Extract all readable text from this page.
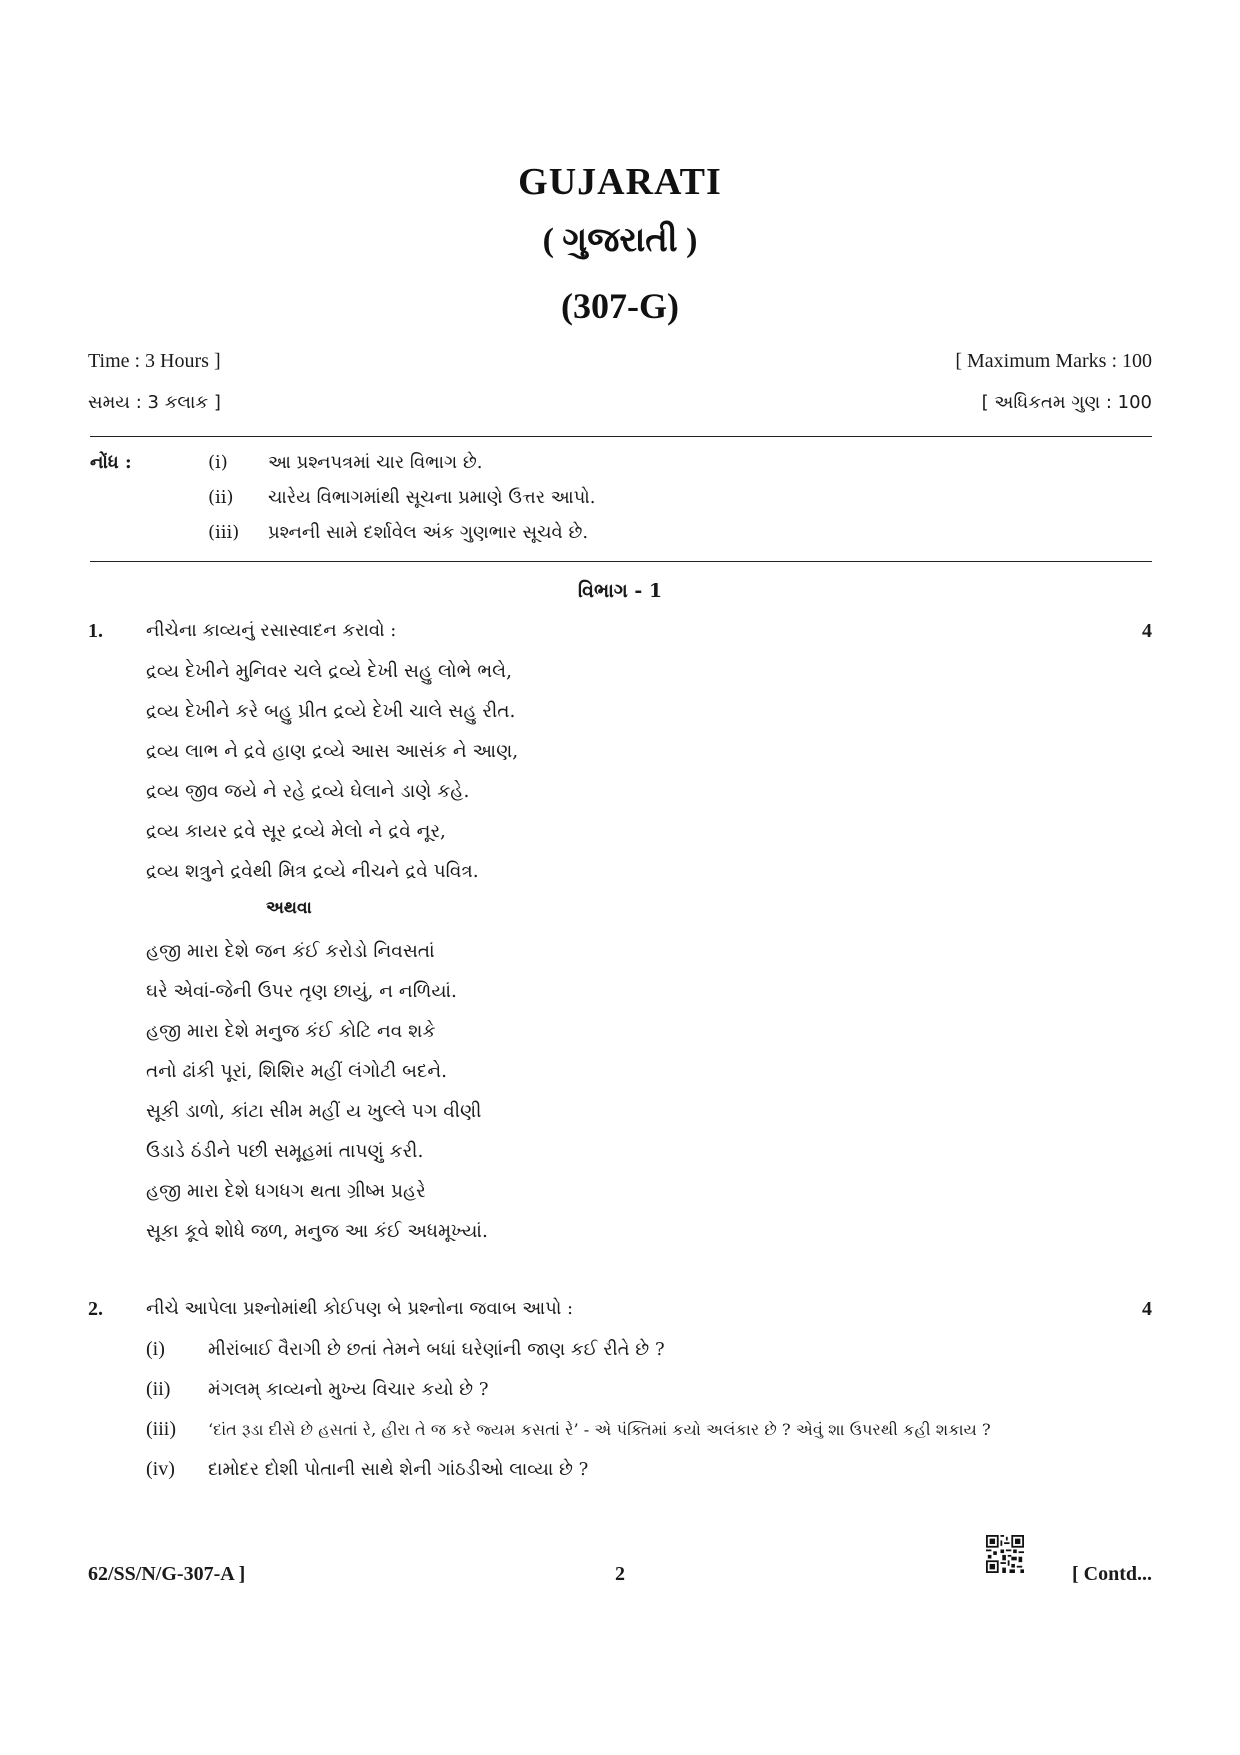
GUJARATI
( ગુજરાતી )
(307-G)
Time : 3 Hours ]	[ Maximum Marks : 100
સમય : 3 કલાક ]	[ અધિકતમ ગુણ : 100
નોંધ :	(i) આ પ્રશ્નપત્રમાં ચાર વિભાગ છે.
(ii) ચારેય વિભાગમાંથી સૂચના પ્રમાણે ઉત્તર આપો.
(iii) પ્રશ્નની સામે દર્શાવેલ અંક ગુણભાર સૂચવે છે.
વિભાગ - 1
1. નીચેના કાવ્યનું રસાસ્વાદન કરાવો :	4
દ્રવ્ય દેખીને મુનિવર ચલે દ્રવ્યે દેખી સહુ લોભે ભલે,
દ્રવ્ય દેખીને કરે બહુ પ્રીત દ્રવ્યે દેખી ચાલે સહુ રીત.
દ્રવ્ય લાભ ને દ્રવે હાણ દ્રવ્યે આસ આસંક ને આણ,
દ્રવ્ય જીવ જયે ને રહે દ્રવ્યે ઘેલાને ડાણે કહે.
દ્રવ્ય કાયર દ્રવે સૂર દ્રવ્યે મેલો ને દ્રવે નૂર,
દ્રવ્ય શત્રુને દ્રવેથી મિત્ર દ્રવ્યે નીચને દ્રવે પવિત્ર.
અથવા
હજી મારા દેશે જન કંઈ કરોડો નિવસતાં
ઘરે એવાં-જેની ઉપર તૃણ છાયું, ન નળિયાં.
હજી મારા દેશે મનુજ કંઈ કોટિ નવ શકે
તનો ઢાંકી પૂરાં, શિશિર મહીં લંગોટી બદને.
સૂકી ડાળો, કાંટા સીમ મહીં ય ખુલ્લે પગ વીણી
ઉડાડે ઠંડીને પછી સમૂહમાં તાપણું કરી.
હજી મારા દેશે ધગધગ થતા ગ્રીષ્મ પ્રહરે
સૂકા કૂવે શોધે જળ, મનુજ આ કંઈ અધમૂખ્યાં.
2. નીચે આપેલા પ્રશ્નોમાંથી કોઈપણ બે પ્રશ્નોના જવાબ આપો :	4
(i) મીરાંબાઈ વૈરાગી છે છતાં તેમને બધાં ઘરેણાંની જાણ કઈ રીતે છે ?
(ii) મંગલમ્ કાવ્યનો મુખ્ય વિચાર કયો છે ?
(iii) ‘દાંત રૂડા દીસે છે હસતાં રે, હીરા તે જ કરે જ્યમ કસતાં રે’ - એ પંક્તિમાં કયો અલંકાર છે ? એવું શા ઉપરથી કહી શકાય ?
(iv) દામોદર દોશી પોતાની સાથે શેની ગાંઠડીઓ લાવ્યા છે ?
62/SS/N/G-307-A ]	2	[ Contd...
